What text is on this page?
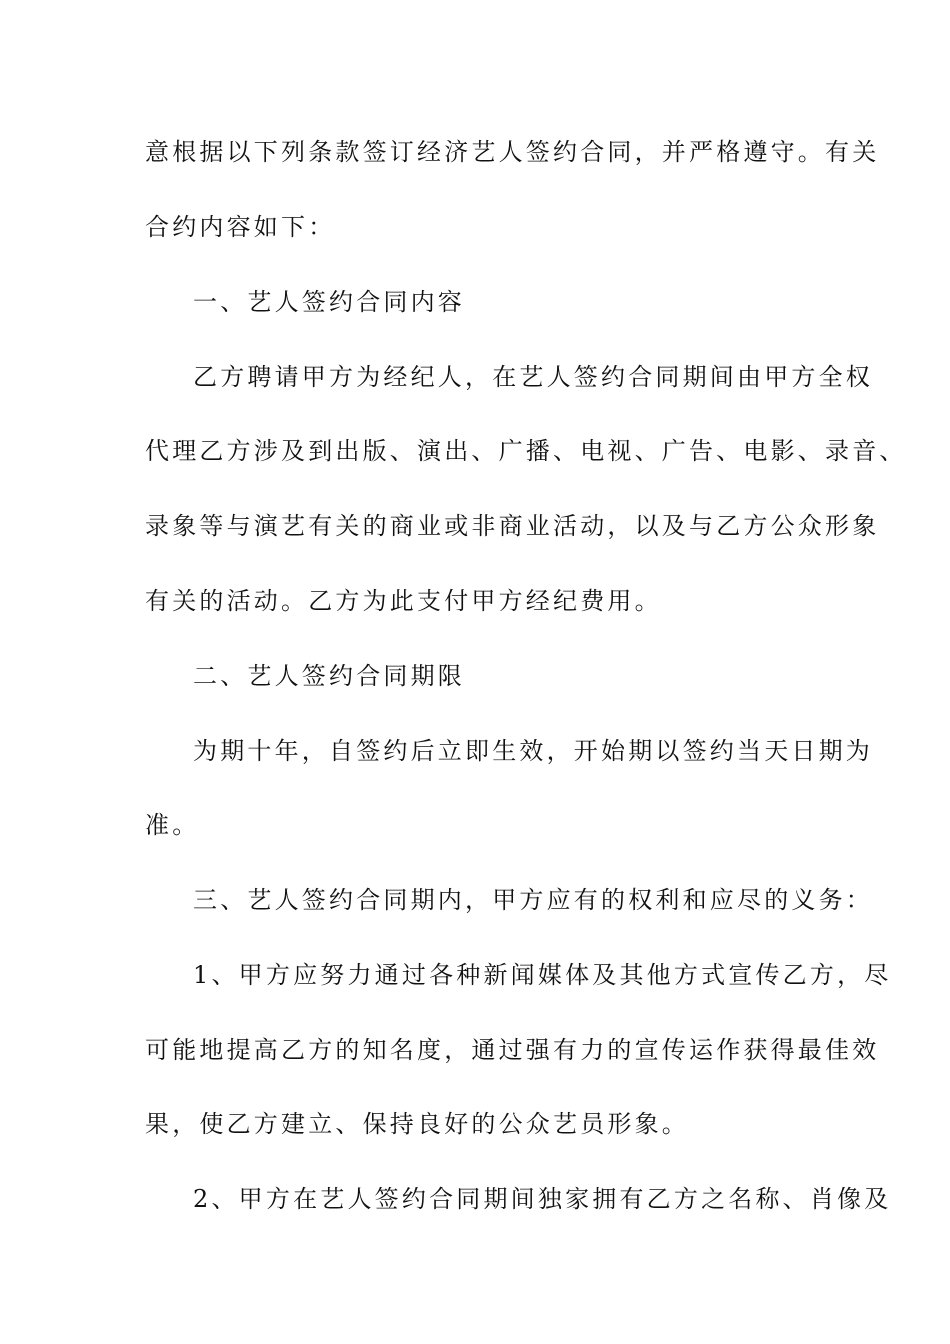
意根据以下列条款签订经济艺人签约合同，并严格遵守。有关
合约内容如下：
一、艺人签约合同内容
乙方聘请甲方为经纪人，在艺人签约合同期间由甲方全权
代理乙方涉及到出版、演出、广播、电视、广告、电影、录音、
录象等与演艺有关的商业或非商业活动，以及与乙方公众形象
有关的活动。乙方为此支付甲方经纪费用。
二、艺人签约合同期限
为期十年，自签约后立即生效，开始期以签约当天日期为
准。
三、艺人签约合同期内，甲方应有的权利和应尽的义务：
1、甲方应努力通过各种新闻媒体及其他方式宣传乙方，尽
可能地提高乙方的知名度，通过强有力的宣传运作获得最佳效
果，使乙方建立、保持良好的公众艺员形象。
2、甲方在艺人签约合同期间独家拥有乙方之名称、肖像及
